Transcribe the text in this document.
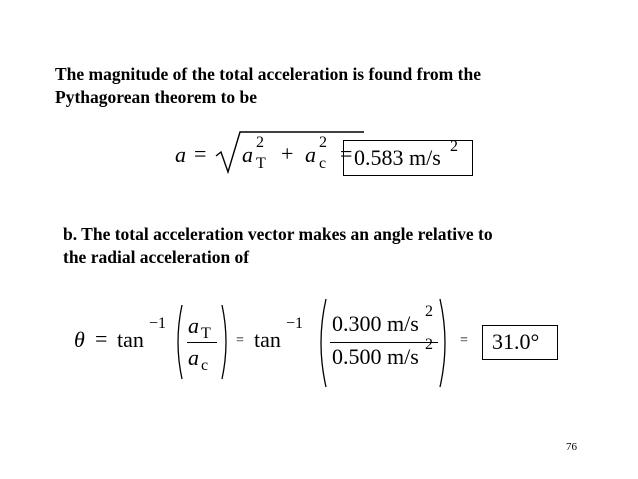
The magnitude of the total acceleration is found from the
Pythagorean theorem to be
a = a 2
T + a 2
c = 0.583 m/s 2
b. The total acceleration vector makes an angle relative to
the radial acceleration of
θ = tan
−1 a T
a c
= tan
−1 0.300 m/s 2
0.500 m/s 2 = 31.0°
76
